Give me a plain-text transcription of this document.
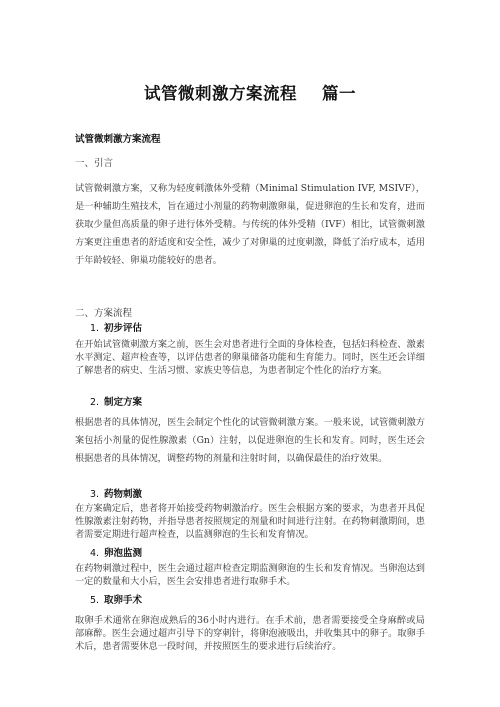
试管微刺激方案流程    篇一
试管微刺激方案流程
一、引言

试管微刺激方案，又称为轻度刺激体外受精（Minimal Stimulation IVF, MSIVF），是一种辅助生殖技术，旨在通过小剂量的药物刺激卵巢，促进卵泡的生长和发育，进而获取少量但高质量的卵子进行体外受精。与传统的体外受精（IVF）相比，试管微刺激方案更注重患者的舒适度和安全性，减少了对卵巢的过度刺激，降低了治疗成本，适用于年龄较轻、卵巢功能较好的患者。

二、方案流程
1. 初步评估

在开始试管微刺激方案之前，医生会对患者进行全面的身体检查，包括妇科检查、激素水平测定、超声检查等，以评估患者的卵巢储备功能和生育能力。同时，医生还会详细了解患者的病史、生活习惯、家族史等信息，为患者制定个性化的治疗方案。

2. 制定方案

根据患者的具体情况，医生会制定个性化的试管微刺激方案。一般来说，试管微刺激方案包括小剂量的促性腺激素（Gn）注射，以促进卵泡的生长和发育。同时，医生还会根据患者的具体情况，调整药物的剂量和注射时间，以确保最佳的治疗效果。

3. 药物刺激

在方案确定后，患者将开始接受药物刺激治疗。医生会根据方案的要求，为患者开具促性腺激素注射药物，并指导患者按照规定的剂量和时间进行注射。在药物刺激期间，患者需要定期进行超声检查，以监测卵泡的生长和发育情况。

4. 卵泡监测

在药物刺激过程中，医生会通过超声检查定期监测卵泡的生长和发育情况。当卵泡达到一定的数量和大小后，医生会安排患者进行取卵手术。

5. 取卵手术

取卵手术通常在卵泡成熟后的36小时内进行。在手术前，患者需要接受全身麻醉或局部麻醉。医生会通过超声引导下的穿刺针，将卵泡液吸出，并收集其中的卵子。取卵手术后，患者需要休息一段时间，并按照医生的要求进行后续治疗。
